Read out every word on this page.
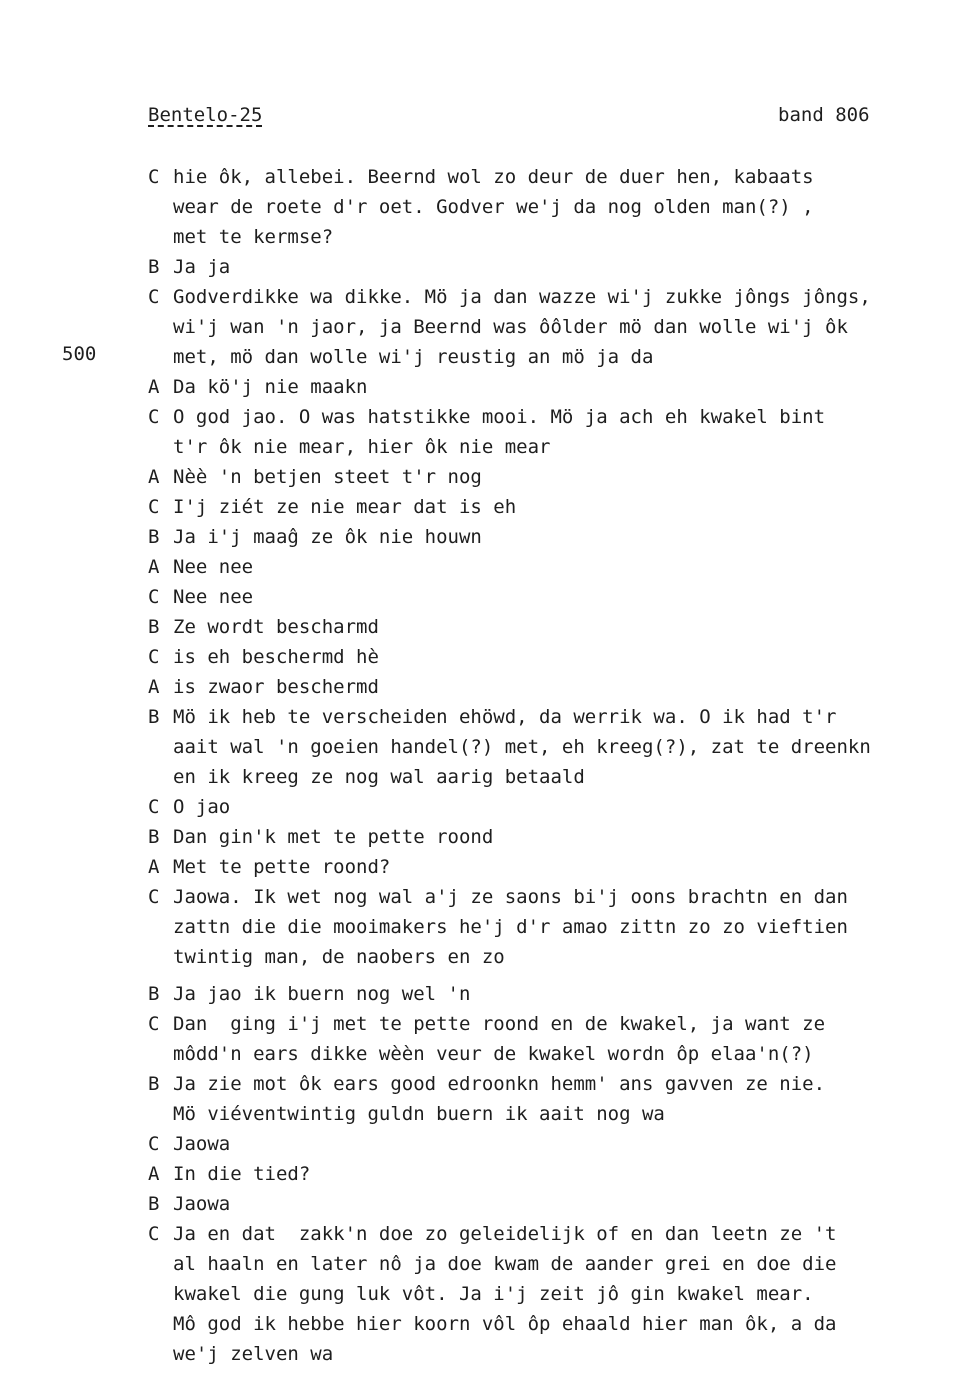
Bentelo-25	band 806
500
C hie ôk, allebei. Beernd wol zo deur de duer hen, kabaats
wear de roete d'r oet. Godver we'j da nog olden man(?) ,
met te kermse?
B Ja ja
C Godverdikke wa dikke. Mö ja dan wazze wi'j zukke jôngs jôngs,
wi'j wan 'n jaor, ja Beernd was ôôlder mö dan wolle wi'j ôk
met, mö dan wolle wi'j reustig an mö ja da
A Da kö'j nie maakn
C O god jao. O was hatstikke mooi. Mö ja ach eh kwakel bint
t'r ôk nie mear, hier ôk nie mear
A Nèè 'n betjen steet t'r nog
C I'j ziét ze nie mear dat is eh
B Ja i'j maaĝ ze ôk nie houwn
A Nee nee
C Nee nee
B Ze wordt bescharmd
C is eh beschermd hè
A is zwaor beschermd
B Mö ik heb te verscheiden ehöwd, da werrik wa. O ik had t'r
aait wal 'n goeien handel(?) met, eh kreeg(?), zat te dreenkn
en ik kreeg ze nog wal aarig betaald
C O jao
B Dan gin'k met te pette roond
A Met te pette roond?
C Jaowa. Ik wet nog wal a'j ze saons bi'j oons brachtn en dan
zattn die die mooimakers he'j d'r amao zittn zo zo vieftien
twintig man, de naobers en zo
B Ja jao ik buern nog wel 'n
C Dan  ging i'j met te pette roond en de kwakel, ja want ze
môdd'n ears dikke wèèn veur de kwakel wordn ôp elaa'n(?)
B Ja zie mot ôk ears good edroonkn hemm' ans gavven ze nie.
Mö viéventwintig guldn buern ik aait nog wa
C Jaowa
A In die tied?
B Jaowa
C Ja en dat  zakk'n doe zo geleidelijk of en dan leetn ze 't
al haaln en later nô ja doe kwam de aander grei en doe die
kwakel die gung luk vôt. Ja i'j zeit jô gin kwakel mear.
Mô god ik hebbe hier koorn vôl ôp ehaald hier man ôk, a da
we'j zelven wa
